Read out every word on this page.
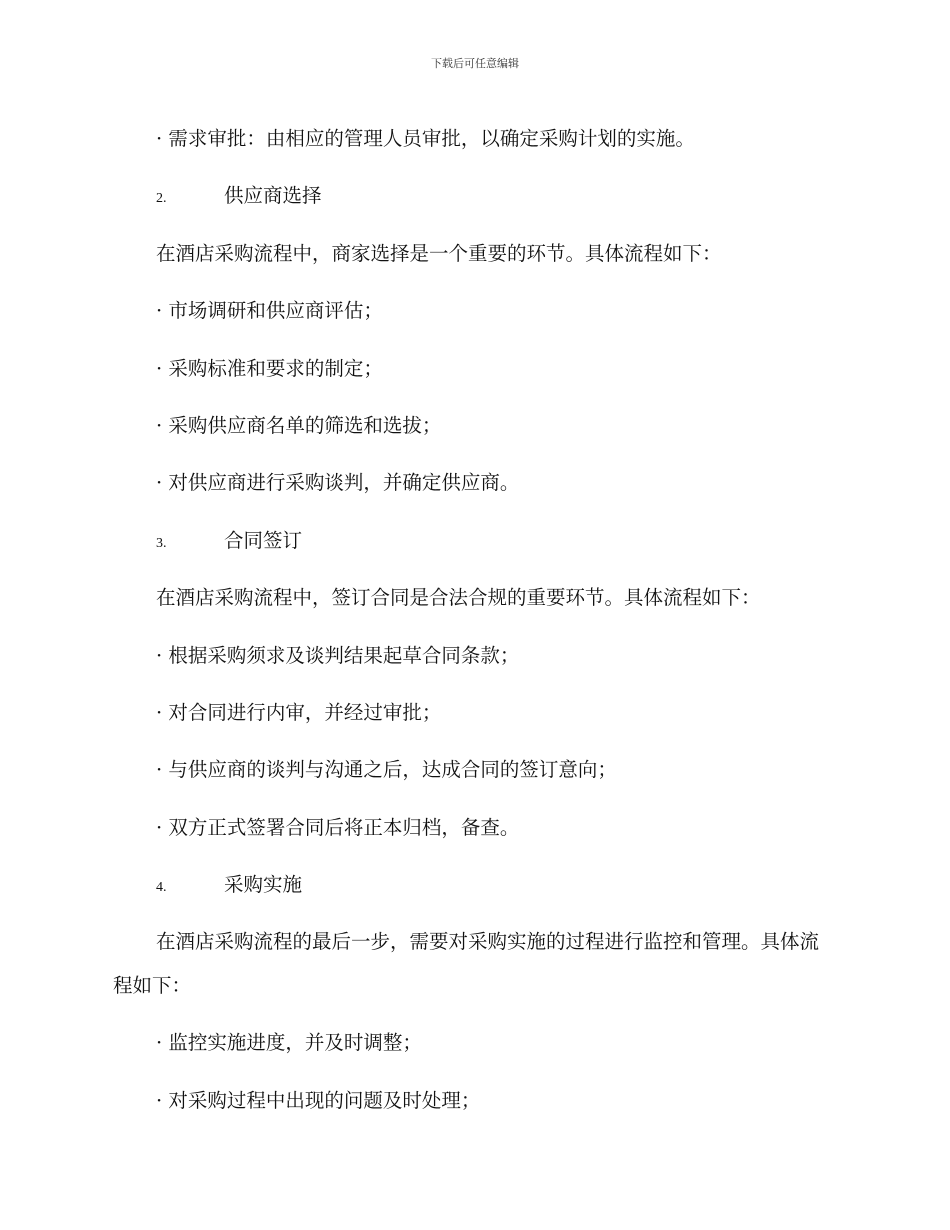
下载后可任意编辑
· 需求审批：由相应的管理人员审批，以确定采购计划的实施。
2.	供应商选择
在酒店采购流程中，商家选择是一个重要的环节。具体流程如下：
· 市场调研和供应商评估；
· 采购标准和要求的制定；
· 采购供应商名单的筛选和选拔；
· 对供应商进行采购谈判，并确定供应商。
3.	合同签订
在酒店采购流程中，签订合同是合法合规的重要环节。具体流程如下：
· 根据采购须求及谈判结果起草合同条款；
· 对合同进行内审，并经过审批；
· 与供应商的谈判与沟通之后，达成合同的签订意向；
· 双方正式签署合同后将正本归档，备查。
4.	采购实施
在酒店采购流程的最后一步，需要对采购实施的过程进行监控和管理。具体流程如下：
· 监控实施进度，并及时调整；
· 对采购过程中出现的问题及时处理；
